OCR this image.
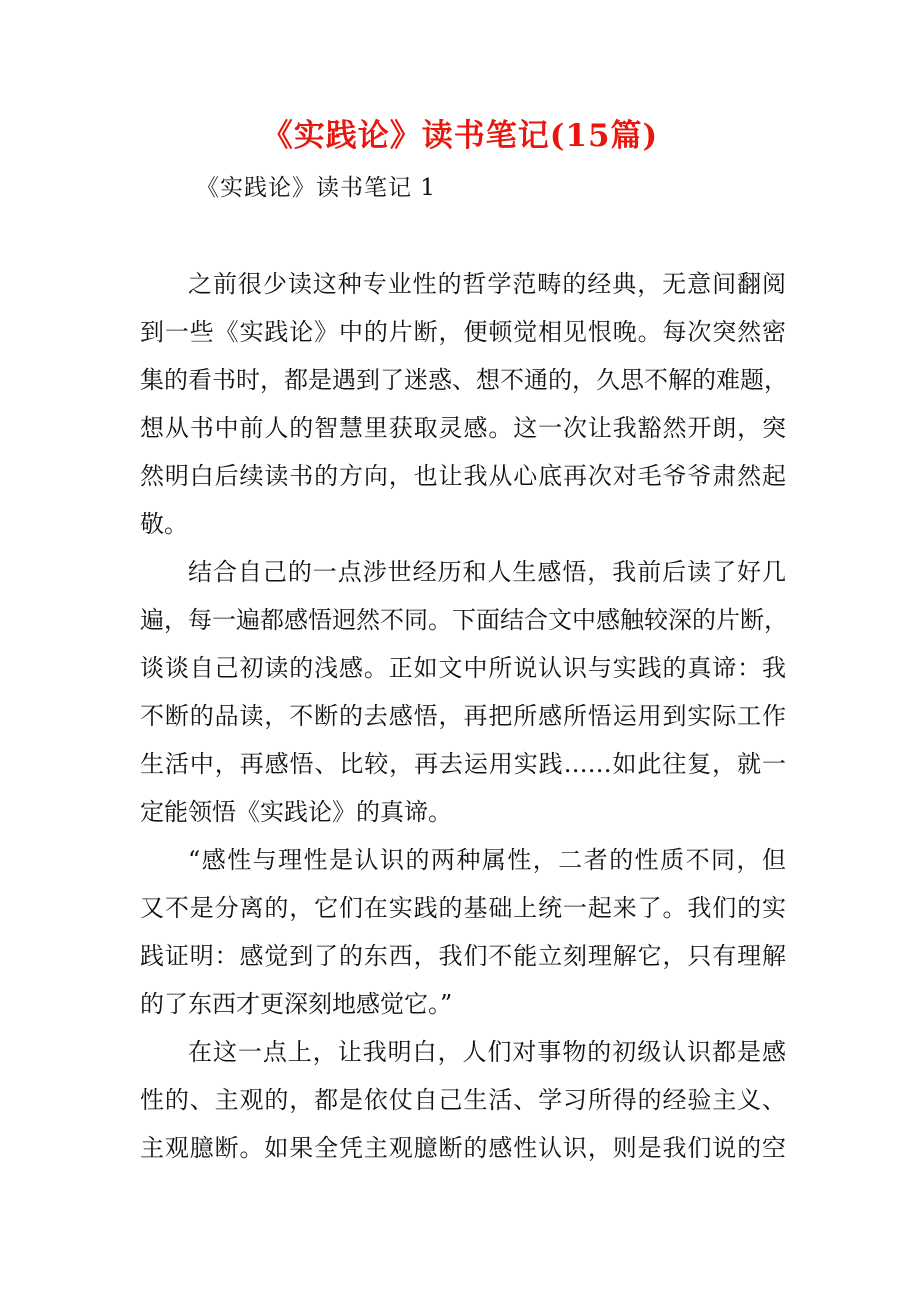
《实践论》读书笔记(15篇)
《实践论》读书笔记 1
之前很少读这种专业性的哲学范畴的经典，无意间翻阅
到一些《实践论》中的片断，便顿觉相见恨晚。每次突然密
集的看书时，都是遇到了迷惑、想不通的，久思不解的难题，
想从书中前人的智慧里获取灵感。这一次让我豁然开朗，突
然明白后续读书的方向，也让我从心底再次对毛爷爷肃然起
敬。
结合自己的一点涉世经历和人生感悟，我前后读了好几
遍，每一遍都感悟迥然不同。下面结合文中感触较深的片断，
谈谈自己初读的浅感。正如文中所说认识与实践的真谛：我
不断的品读，不断的去感悟，再把所感所悟运用到实际工作
生活中，再感悟、比较，再去运用实践……如此往复，就一
定能领悟《实践论》的真谛。
“感性与理性是认识的两种属性，二者的性质不同，但
又不是分离的，它们在实践的基础上统一起来了。我们的实
践证明：感觉到了的东西，我们不能立刻理解它，只有理解
的了东西才更深刻地感觉它。”
在这一点上，让我明白，人们对事物的初级认识都是感
性的、主观的，都是依仗自己生活、学习所得的经验主义、
主观臆断。如果全凭主观臆断的感性认识，则是我们说的空
